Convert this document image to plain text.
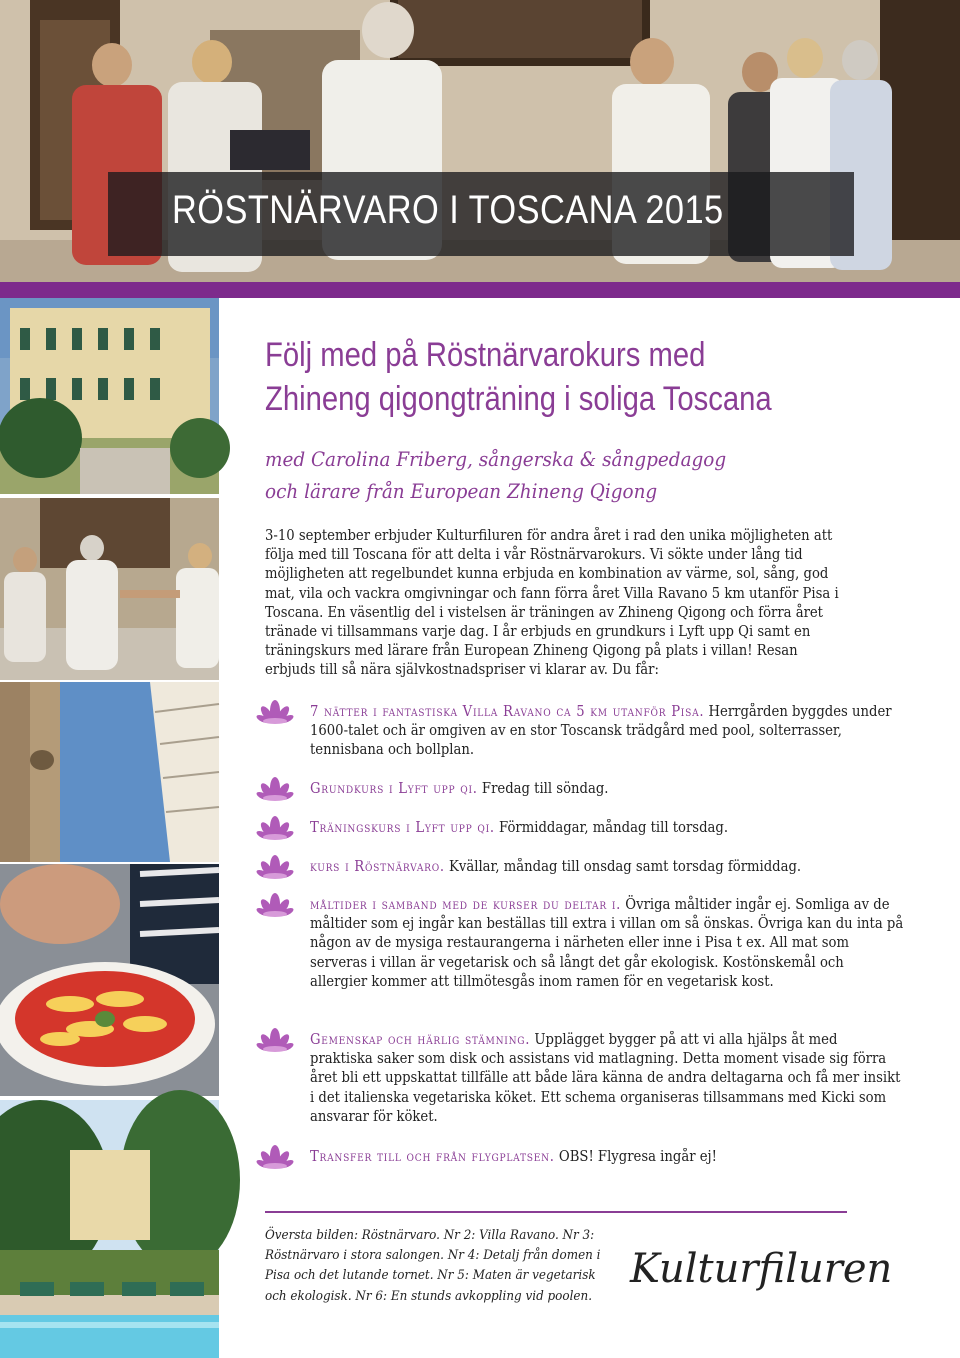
RÖSTNÄRVARO I TOSCANA 2015
Följ med på Röstnärvarokurs med
Zhineng qigongträning i soliga Toscana
med Carolina Friberg, sångerska & sångpedagog
och lärare från European Zhineng Qigong
3-10 september erbjuder Kulturfiluren för andra året i rad den unika möjligheten att följa med till Toscana för att delta i vår Röstnärvarokurs. Vi sökte under lång tid möjligheten att regelbundet kunna erbjuda en kombination av värme, sol, sång, god mat, vila och vackra omgivningar och fann förra året Villa Ravano 5 km utanför Pisa i Toscana. En väsentlig del i vistelsen är träningen av Zhineng Qigong och förra året tränade vi tillsammans varje dag. I år erbjuds en grundkurs i Lyft upp Qi samt en träningskurs med lärare från European Zhineng Qigong på plats i villan! Resan erbjuds till så nära självkostnadspriser vi klarar av. Du får:
7 nätter i fantastiska Villa Ravano ca 5 km utanför Pisa. Herrgården byggdes under 1600-talet och är omgiven av en stor Toscansk trädgård med pool, solterrasser, tennisbana och bollplan.
Grundkurs i Lyft upp qi. Fredag till söndag.
Träningskurs i Lyft upp qi. Förmiddagar, måndag till torsdag.
kurs i Röstnärvaro. Kvällar, måndag till onsdag samt torsdag förmiddag.
måltider i samband med de kurser du deltar i. Övriga måltider ingår ej. Somliga av de måltider som ej ingår kan beställas till extra i villan om så önskas. Övriga kan du inta på någon av de mysiga restaurangerna i närheten eller inne i Pisa t ex. All mat som serveras i villan är vegetarisk och så långt det går ekologisk. Kostönskemål och allergier kommer att tillmötesgås inom ramen för en vegetarisk kost.
Gemenskap och härlig stämning. Upplägget bygger på att vi alla hjälps åt med praktiska saker som disk och assistans vid matlagning. Detta moment visade sig förra året bli ett uppskattat tillfälle att både lära känna de andra deltagarna och få mer insikt i det italienska vegetariska köket. Ett schema organiseras tillsammans med Kicki som ansvarar för köket.
Transfer till och från flygplatsen. OBS! Flygresa ingår ej!
Översta bilden: Röstnärvaro. Nr 2: Villa Ravano. Nr 3: Röstnärvaro i stora salongen. Nr 4: Detalj från domen i Pisa och det lutande tornet. Nr 5: Maten är vegetarisk och ekologisk. Nr 6: En stunds avkoppling vid poolen.
Kulturfiluren
